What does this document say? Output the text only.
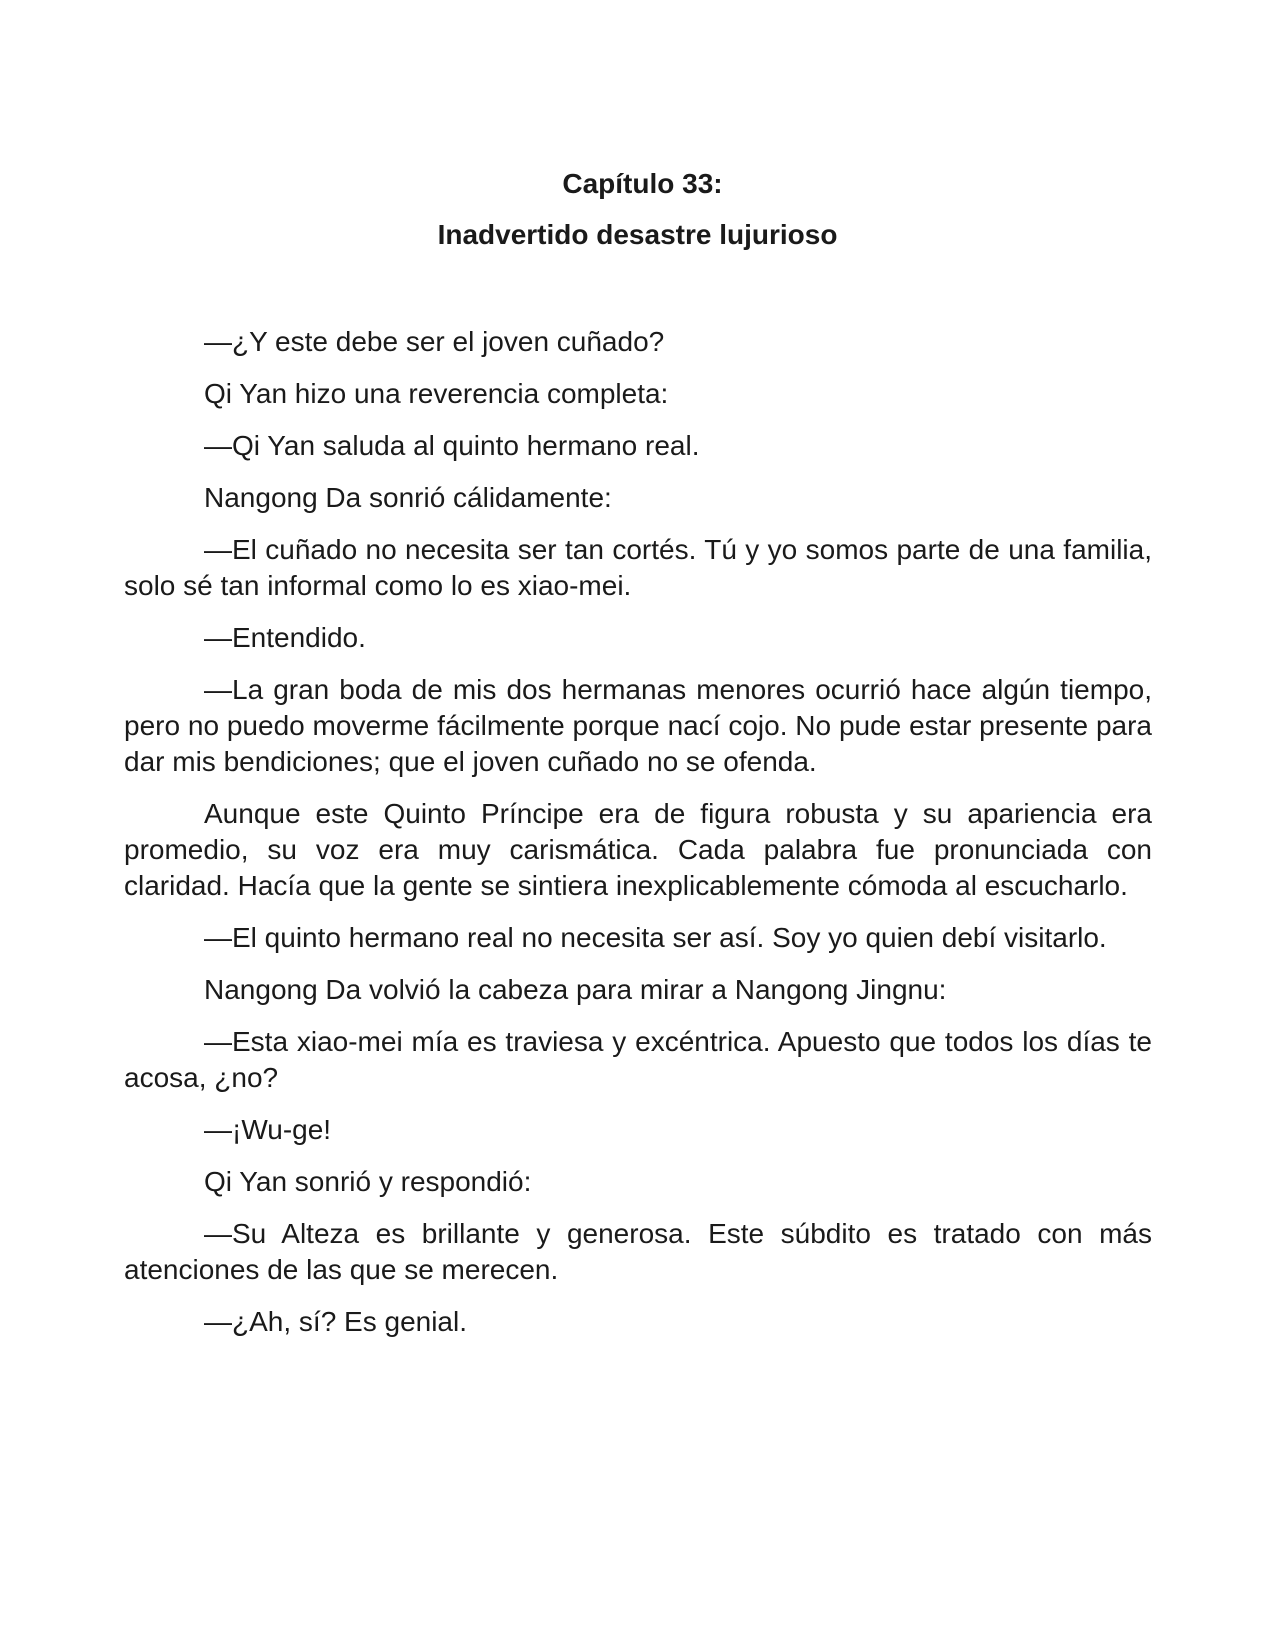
Capítulo 33:
Inadvertido desastre lujurioso

—¿Y este debe ser el joven cuñado?

Qi Yan hizo una reverencia completa:

—Qi Yan saluda al quinto hermano real.

Nangong Da sonrió cálidamente:

—El cuñado no necesita ser tan cortés. Tú y yo somos parte de una familia, solo sé tan informal como lo es xiao-mei.

—Entendido.

—La gran boda de mis dos hermanas menores ocurrió hace algún tiempo, pero no puedo moverme fácilmente porque nací cojo. No pude estar presente para dar mis bendiciones; que el joven cuñado no se ofenda.

Aunque este Quinto Príncipe era de figura robusta y su apariencia era promedio, su voz era muy carismática. Cada palabra fue pronunciada con claridad. Hacía que la gente se sintiera inexplicablemente cómoda al escucharlo.

—El quinto hermano real no necesita ser así. Soy yo quien debí visitarlo.

Nangong Da volvió la cabeza para mirar a Nangong Jingnu:

—Esta xiao-mei mía es traviesa y excéntrica. Apuesto que todos los días te acosa, ¿no?

—¡Wu-ge!

Qi Yan sonrió y respondió:

—Su Alteza es brillante y generosa. Este súbdito es tratado con más atenciones de las que se merecen.

—¿Ah, sí? Es genial.
